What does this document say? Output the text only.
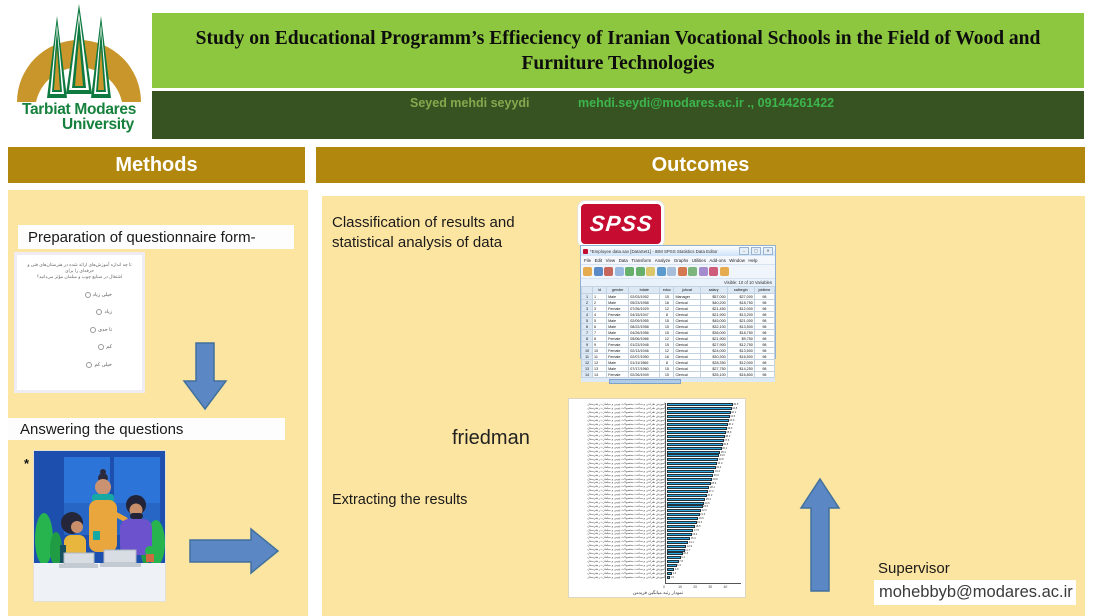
Tarbiat Modares
University
Study on Educational Programm’s Effieciency of Iranian Vocational Schools in the Field of Wood and Furniture Technologies
Seyed mehdi seyydi	mehdi.seydi@modares.ac.ir ., 09144261422
Methods	Outcomes
Preparation of questionnaire form-
تا چه اندازه آموزش‌های ارائه شده در هنرستان‌های فنی و حرفه‌ای را برای
اشتغال در صنایع چوب و مبلمان مؤثر می‌دانید؟
خیلی زیاد
زیاد
تا حدی
کم
خیلی کم
Answering the questions
*
Classification of results and statistical analysis of data
SPSS
*Employee data.sav [DataSet1] - IBM SPSS Statistics Data Editor	–	▢	✕
File Edit View Data Transform Analyze Graphs Utilities Add-ons Window Help
Visible: 10 of 10 Variables
	id	gender	bdate	educ	jobcat	salary	salbegin	jobtime
1	1	Male	02/03/1952	15	Manager	$57,000	$27,000	98
2	2	Male	05/23/1958	16	Clerical	$40,200	$18,750	98
3	3	Female	07/26/1929	12	Clerical	$21,450	$12,000	98
4	4	Female	04/15/1947	8	Clerical	$21,900	$13,200	98
5	5	Male	02/09/1955	15	Clerical	$45,000	$21,000	98
6	6	Male	08/22/1958	15	Clerical	$32,100	$13,500	98
7	7	Male	04/26/1956	15	Clerical	$36,000	$18,750	98
8	8	Female	05/06/1966	12	Clerical	$21,900	$9,750	98
9	9	Female	01/23/1946	15	Clerical	$27,900	$12,750	98
10	10	Female	02/13/1946	12	Clerical	$24,000	$13,500	98
11	11	Female	02/07/1950	16	Clerical	$30,300	$16,500	98
12	12	Male	01/11/1966	8	Clerical	$28,350	$12,000	98
13	13	Male	07/17/1960	15	Clerical	$27,750	$14,250	98
14	14	Female	02/26/1949	15	Clerical	$35,100	$16,800	98
friedman
Extracting the results
آموزش طراحی و ساخت محصولات چوبی و مبلمان در هنرستان	43.5
آموزش طراحی و ساخت محصولات چوبی و مبلمان در هنرستان	42.8
آموزش طراحی و ساخت محصولات چوبی و مبلمان در هنرستان	42.1
آموزش طراحی و ساخت محصولات چوبی و مبلمان در هنرستان	41.5
آموزش طراحی و ساخت محصولات چوبی و مبلمان در هنرستان	40.9
آموزش طراحی و ساخت محصولات چوبی و مبلمان در هنرستان	40.2
آموزش طراحی و ساخت محصولات چوبی و مبلمان در هنرستان	39.6
آموزش طراحی و ساخت محصولات چوبی و مبلمان در هنرستان	38.9
آموزش طراحی و ساخت محصولات چوبی و مبلمان در هنرستان	38.2
آموزش طراحی و ساخت محصولات چوبی و مبلمان در هنرستان	37.5
آموزش طراحی و ساخت محصولات چوبی و مبلمان در هنرستان	36.8
آموزش طراحی و ساخت محصولات چوبی و مبلمان در هنرستان	36.1
آموزش طراحی و ساخت محصولات چوبی و مبلمان در هنرستان	35.3
آموزش طراحی و ساخت محصولات چوبی و مبلمان در هنرستان	34.6
آموزش طراحی و ساخت محصولات چوبی و مبلمان در هنرستان	33.8
آموزش طراحی و ساخت محصولات چوبی و مبلمان در هنرستان	33.0
آموزش طراحی و ساخت محصولات چوبی و مبلمان در هنرستان	32.2
آموزش طراحی و ساخت محصولات چوبی و مبلمان در هنرستان	31.4
آموزش طراحی و ساخت محصولات چوبی و مبلمان در هنرستان	30.6
آموزش طراحی و ساخت محصولات چوبی و مبلمان در هنرستان	29.8
آموزش طراحی و ساخت محصولات چوبی و مبلمان در هنرستان	28.9
آموزش طراحی و ساخت محصولات چوبی و مبلمان در هنرستان	28.1
آموزش طراحی و ساخت محصولات چوبی و مبلمان در هنرستان	27.2
آموزش طراحی و ساخت محصولات چوبی و مبلمان در هنرستان	26.3
آموزش طراحی و ساخت محصولات چوبی و مبلمان در هنرستان	25.4
آموزش طراحی و ساخت محصولات چوبی و مبلمان در هنرستان	24.5
آموزش طراحی و ساخت محصولات چوبی و مبلمان در هنرستان	23.5
آموزش طراحی و ساخت محصولات چوبی و مبلمان در هنرستان	22.6
آموزش طراحی و ساخت محصولات چوبی و مبلمان در هنرستان	21.6
آموزش طراحی و ساخت محصولات چوبی و مبلمان در هنرستان	20.6
آموزش طراحی و ساخت محصولات چوبی و مبلمان در هنرستان	19.6
آموزش طراحی و ساخت محصولات چوبی و مبلمان در هنرستان	18.5
آموزش طراحی و ساخت محصولات چوبی و مبلمان در هنرستان	17.5
آموزش طراحی و ساخت محصولات چوبی و مبلمان در هنرستان	16.4
آموزش طراحی و ساخت محصولات چوبی و مبلمان در هنرستان	15.3
آموزش طراحی و ساخت محصولات چوبی و مبلمان در هنرستان	14.1
آموزش طراحی و ساخت محصولات چوبی و مبلمان در هنرستان	12.9
آموزش طراحی و ساخت محصولات چوبی و مبلمان در هنرستان	11.7
آموزش طراحی و ساخت محصولات چوبی و مبلمان در هنرستان	10.4
آموزش طراحی و ساخت محصولات چوبی و مبلمان در هنرستان	9.1
آموزش طراحی و ساخت محصولات چوبی و مبلمان در هنرستان	7.8
آموزش طراحی و ساخت محصولات چوبی و مبلمان در هنرستان	6.4
آموزش طراحی و ساخت محصولات چوبی و مبلمان در هنرستان	4.9
آموزش طراحی و ساخت محصولات چوبی و مبلمان در هنرستان	3.4
آموزش طراحی و ساخت محصولات چوبی و مبلمان در هنرستان 1.9
0	10	20	30	40
نمودار رتبه ميانگين فريدمن
Supervisor
mohebbyb@modares.ac.ir
